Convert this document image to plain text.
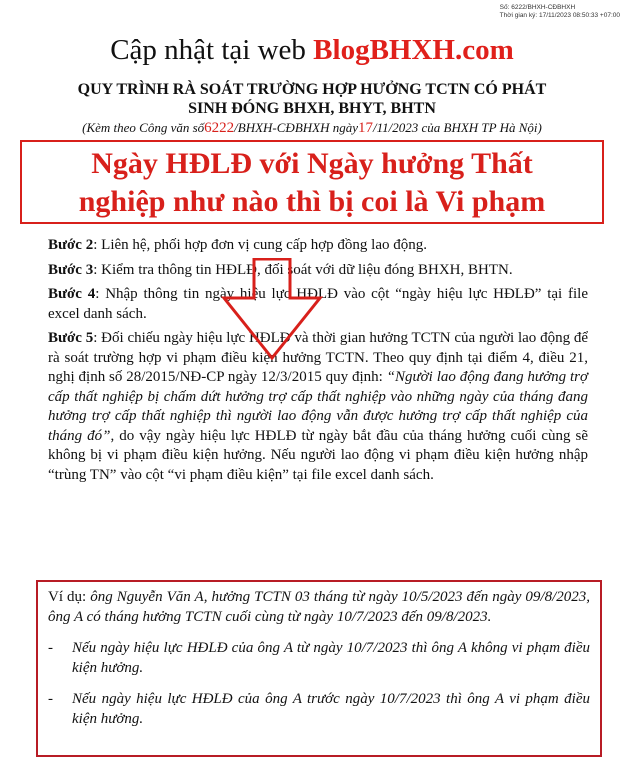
Số: 6222/BHXH-CĐBHXH
Thời gian ký: 17/11/2023 08:50:33 +07:00
Cập nhật tại web BlogBHXH.com
QUY TRÌNH RÀ SOÁT TRƯỜNG HỢP HƯỞNG TCTN CÓ PHÁT
SINH ĐÓNG BHXH, BHYT, BHTN
(Kèm theo Công văn số6222/BHXH-CĐBHXH ngày17/11/2023 của BHXH TP Hà Nội)
Ngày HĐLĐ với Ngày hưởng Thất
nghiệp như nào thì bị coi là Vi phạm

Bước 2: Liên hệ, phối hợp đơn vị cung cấp hợp đồng lao động.

Bước 3: Kiểm tra thông tin HĐLĐ, đối soát với dữ liệu đóng BHXH, BHTN.

Bước 4: Nhập thông tin ngày hiệu lực HĐLĐ vào cột “ngày hiệu lực HĐLĐ” tại file excel danh sách.

Bước 5: Đối chiếu ngày hiệu lực HĐLĐ và thời gian hưởng TCTN của người lao động để rà soát trường hợp vi phạm điều kiện hưởng TCTN. Theo quy định tại điểm 4, điều 21, nghị định số 28/2015/NĐ-CP ngày 12/3/2015 quy định: “Người lao động đang hưởng trợ cấp thất nghiệp bị chấm dứt hưởng trợ cấp thất nghiệp vào những ngày của tháng đang hưởng trợ cấp thất nghiệp thì người lao động vẫn được hưởng trợ cấp thất nghiệp của tháng đó”, do vậy ngày hiệu lực HĐLĐ từ ngày bắt đầu của tháng hưởng cuối cùng sẽ không bị vi phạm điều kiện hưởng. Nếu người lao động vi phạm điều kiện hưởng nhập “trùng TN” vào cột “vi phạm điều kiện” tại file excel danh sách.

Ví dụ: ông Nguyễn Văn A, hưởng TCTN 03 tháng từ ngày 10/5/2023 đến ngày 09/8/2023, ông A có tháng hưởng TCTN cuối cùng từ ngày 10/7/2023 đến 09/8/2023.

-	Nếu ngày hiệu lực HĐLĐ của ông A từ ngày 10/7/2023 thì ông A không vi phạm điều kiện hưởng.
-	Nếu ngày hiệu lực HĐLĐ của ông A trước ngày 10/7/2023 thì ông A vi phạm điều kiện hưởng.
